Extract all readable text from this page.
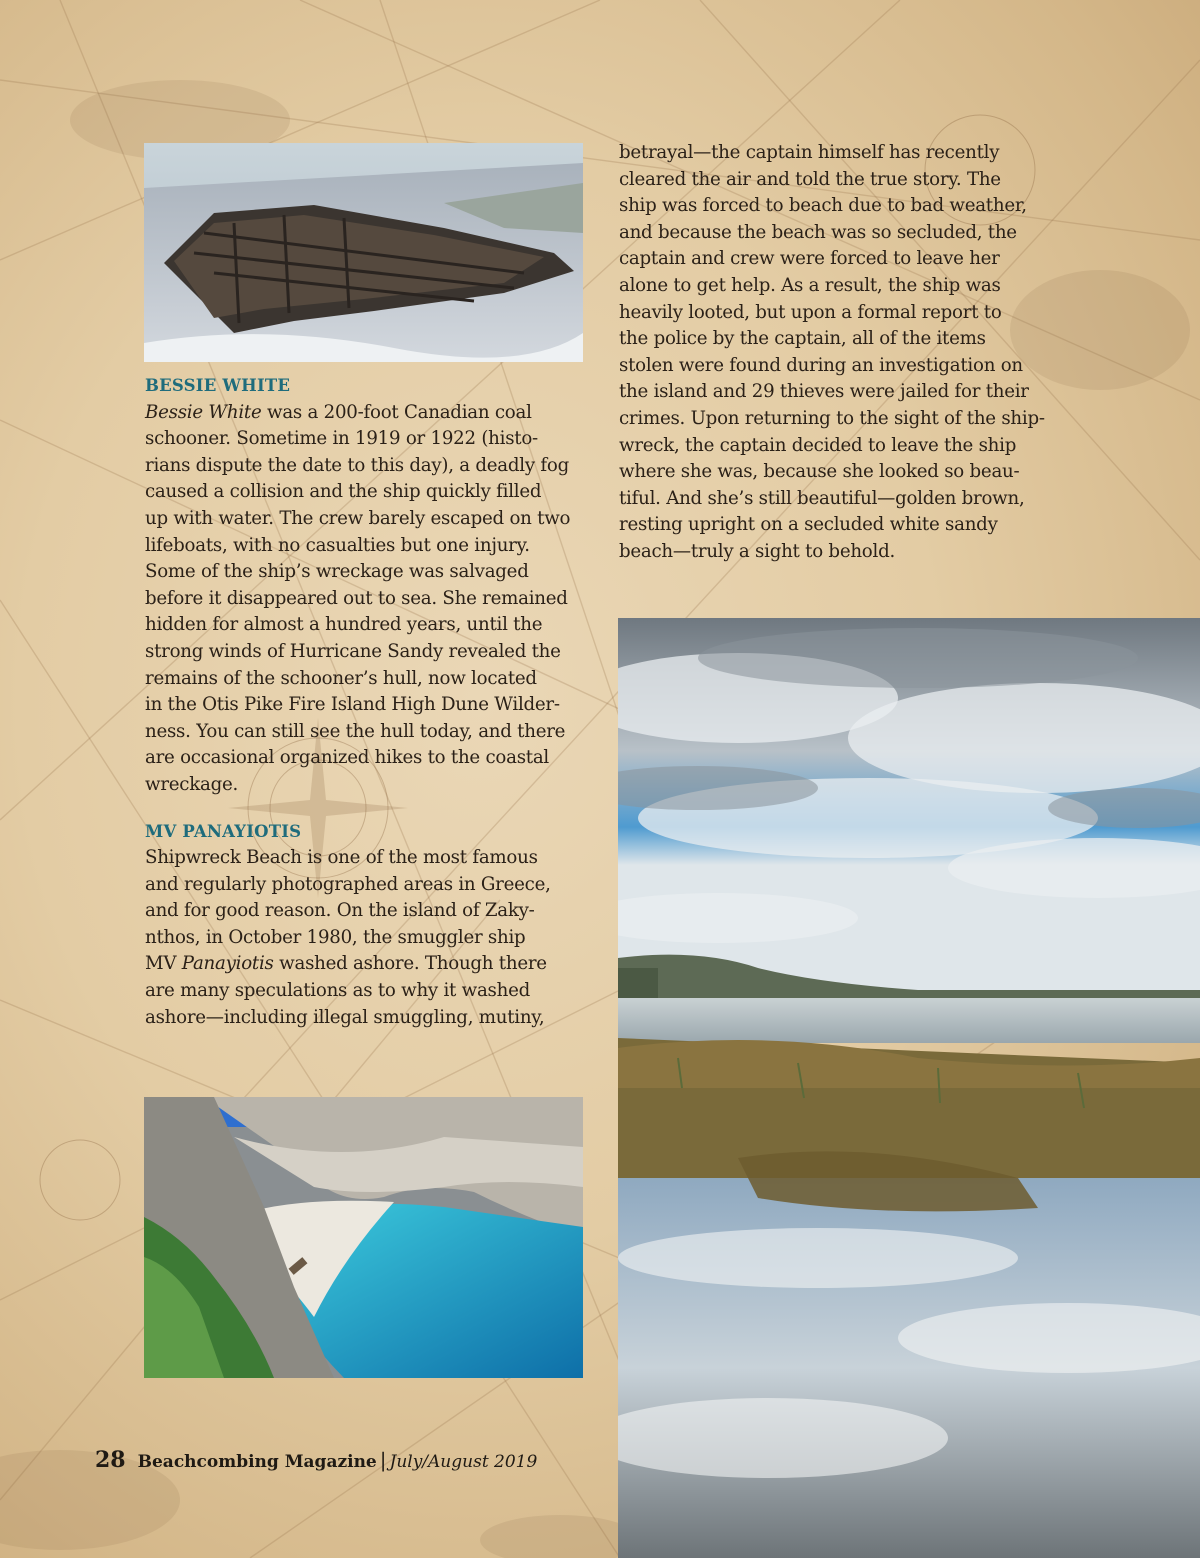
BESSIE WHITE
Bessie White was a 200-foot Canadian coal
schooner. Sometime in 1919 or 1922 (histo-
rians dispute the date to this day), a deadly fog
caused a collision and the ship quickly filled
up with water. The crew barely escaped on two
lifeboats, with no casualties but one injury.
Some of the ship’s wreckage was salvaged
before it disappeared out to sea. She remained
hidden for almost a hundred years, until the
strong winds of Hurricane Sandy revealed the
remains of the schooner’s hull, now located
in the Otis Pike Fire Island High Dune Wilder-
ness. You can still see the hull today, and there
are occasional organized hikes to the coastal
wreckage.
MV PANAYIOTIS
Shipwreck Beach is one of the most famous
and regularly photographed areas in Greece,
and for good reason. On the island of Zaky-
nthos, in October 1980, the smuggler ship
MV Panayiotis washed ashore. Though there
are many speculations as to why it washed
ashore—including illegal smuggling, mutiny,
betrayal—the captain himself has recently
cleared the air and told the true story. The
ship was forced to beach due to bad weather,
and because the beach was so secluded, the
captain and crew were forced to leave her
alone to get help. As a result, the ship was
heavily looted, but upon a formal report to
the police by the captain, all of the items
stolen were found during an investigation on
the island and 29 thieves were jailed for their
crimes. Upon returning to the sight of the ship-
wreck, the captain decided to leave the ship
where she was, because she looked so beau-
tiful. And she’s still beautiful—golden brown,
resting upright on a secluded white sandy
beach—truly a sight to behold.
28 Beachcombing Magazine | July/August 2019
